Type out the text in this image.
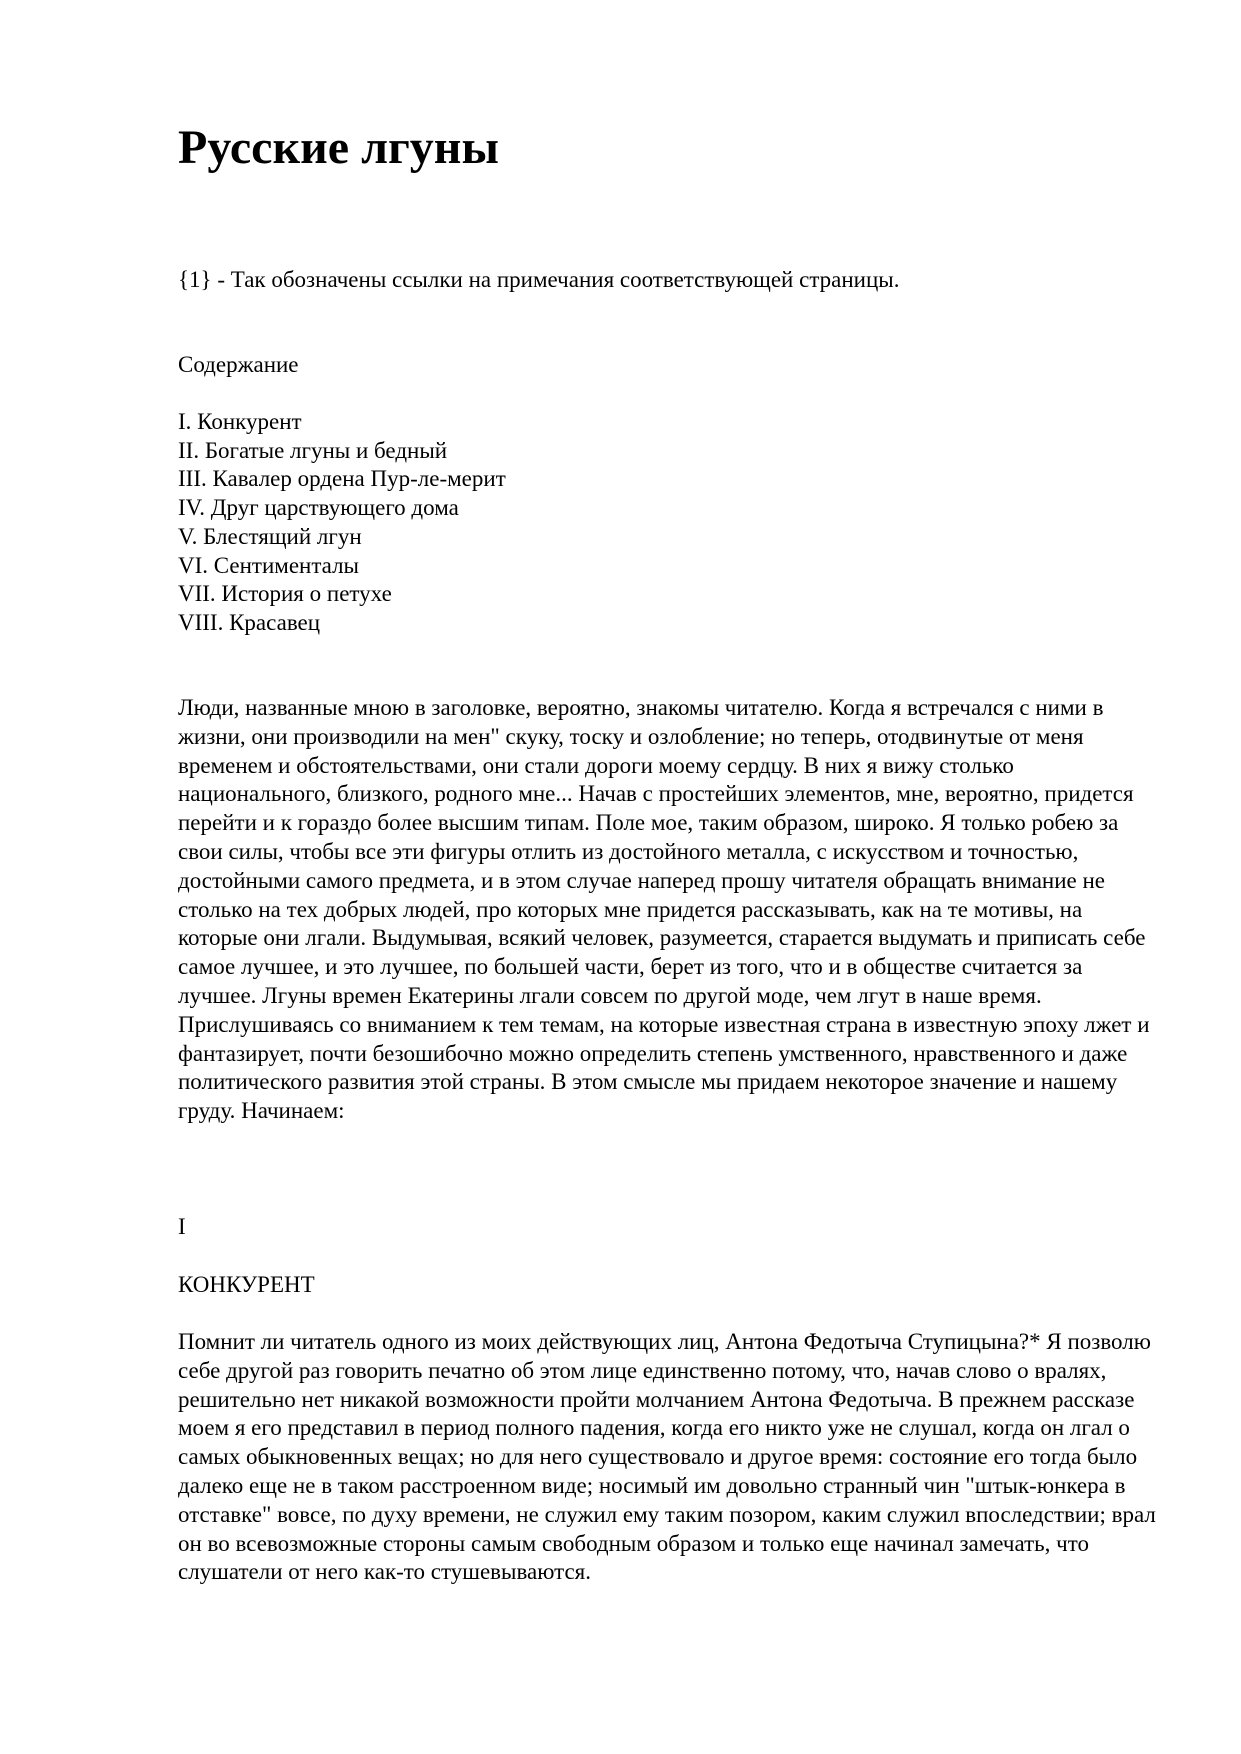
Русские лгуны

{1} - Так обозначены ссылки на примечания соответствующей страницы.

Содержание

I. Конкурент
II. Богатые лгуны и бедный
III. Кавалер ордена Пур-ле-мерит
IV. Друг царствующего дома
V. Блестящий лгун
VI. Сентименталы
VII. История о петухе
VIII. Красавец

Люди, названные мною в заголовке, вероятно, знакомы читателю. Когда я встречался с ними в жизни, они производили на мен" скуку, тоску и озлобление; но теперь, отодвинутые от меня временем и обстоятельствами, они стали дороги моему сердцу. В них я вижу столько национального, близкого, родного мне... Начав с простейших элементов, мне, вероятно, придется перейти и к гораздо более высшим типам. Поле мое, таким образом, широко. Я только робею за свои силы, чтобы все эти фигуры отлить из достойного металла, с искусством и точностью, достойными самого предмета, и в этом случае наперед прошу читателя обращать внимание не столько на тех добрых людей, про которых мне придется рассказывать, как на те мотивы, на которые они лгали. Выдумывая, всякий человек, разумеется, старается выдумать и приписать себе самое лучшее, и это лучшее, по большей части, берет из того, что и в обществе считается за лучшее. Лгуны времен Екатерины лгали совсем по другой моде, чем лгут в наше время. Прислушиваясь со вниманием к тем темам, на которые известная страна в известную эпоху лжет и фантазирует, почти безошибочно можно определить степень умственного, нравственного и даже политического развития этой страны. В этом смысле мы придаем некоторое значение и нашему груду. Начинаем:

I

КОНКУРЕНТ

Помнит ли читатель одного из моих действующих лиц, Антона Федотыча Ступицына?* Я позволю себе другой раз говорить печатно об этом лице единственно потому, что, начав слово о вралях, решительно нет никакой возможности пройти молчанием Антона Федотыча. В прежнем рассказе моем я его представил в период полного падения, когда его никто уже не слушал, когда он лгал о самых обыкновенных вещах; но для него существовало и другое время: состояние его тогда было далеко еще не в таком расстроенном виде; носимый им довольно странный чин "штык-юнкера в отставке" вовсе, по духу времени, не служил ему таким позором, каким служил впоследствии; врал он во всевозможные стороны самым свободным образом и только еще начинал замечать, что слушатели от него как-то стушевываются.
